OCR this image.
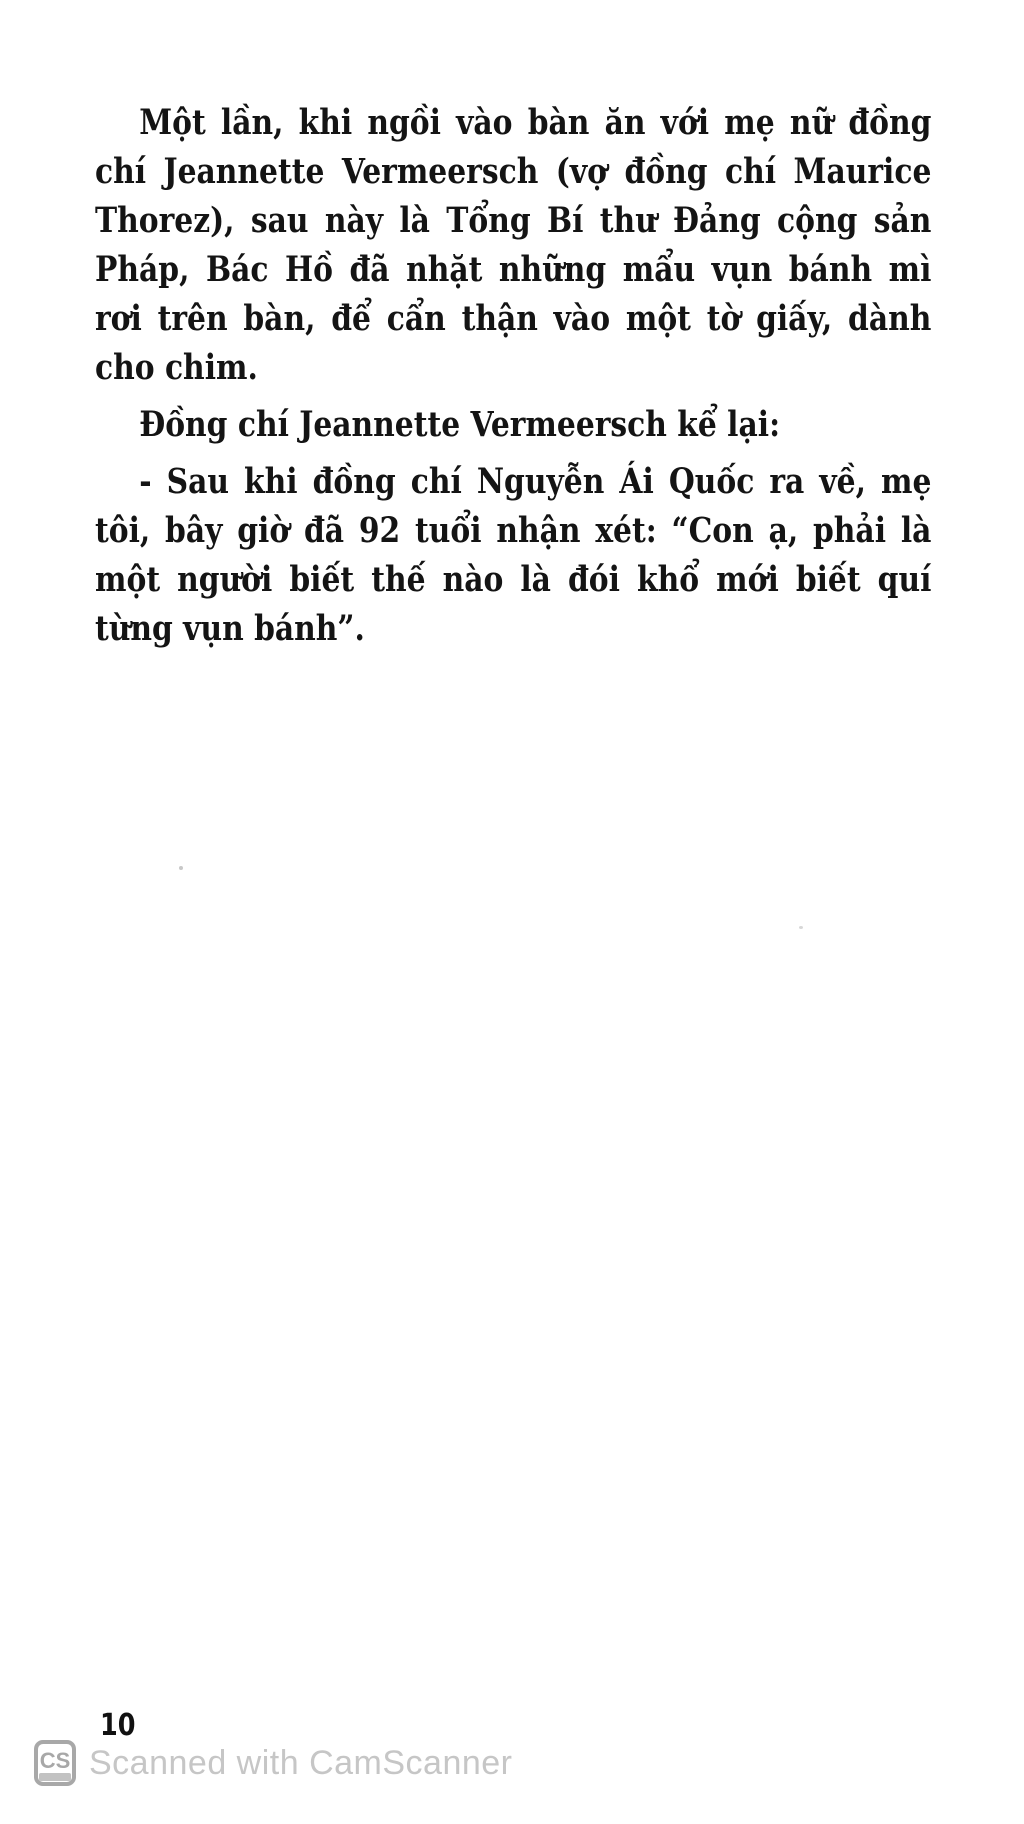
Một lần, khi ngồi vào bàn ăn với mẹ nữ đồng chí Jeannette Vermeersch (vợ đồng chí Maurice Thorez), sau này là Tổng Bí thư Đảng cộng sản Pháp, Bác Hồ đã nhặt những mẩu vụn bánh mì rơi trên bàn, để cẩn thận vào một tờ giấy, dành cho chim.

Đồng chí Jeannette Vermeersch kể lại:

- Sau khi đồng chí Nguyễn Ái Quốc ra về, mẹ tôi, bây giờ đã 92 tuổi nhận xét: “Con ạ, phải là một người biết thế nào là đói khổ mới biết quí từng vụn bánh”.

10
CS Scanned with CamScanner
